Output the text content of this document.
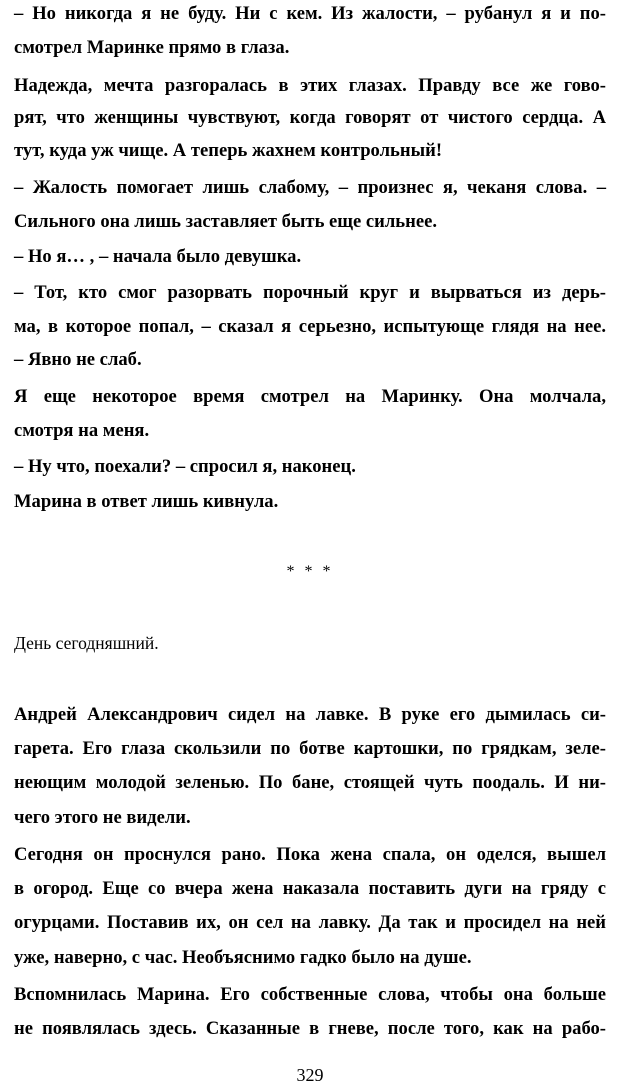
– Но никогда я не буду. Ни с кем. Из жалости, – рубанул я и по-
смотрел Маринке прямо в глаза.
Надежда, мечта разгоралась в этих глазах. Правду все же гово-
рят, что женщины чувствуют, когда говорят от чистого сердца. А
тут, куда уж чище. А теперь жахнем контрольный!
– Жалость помогает лишь слабому, – произнес я, чеканя слова. –
Сильного она лишь заставляет быть еще сильнее.
– Но я… , – начала было девушка.
– Тот, кто смог разорвать порочный круг и вырваться из дерь-
ма, в которое попал, – сказал я серьезно, испытующе глядя на нее.
– Явно не слаб.
Я еще некоторое время смотрел на Маринку. Она молчала,
смотря на меня.
– Ну что, поехали? – спросил я, наконец.
Марина в ответ лишь кивнула.
* * *
День сегодняшний.
Андрей Александрович сидел на лавке. В руке его дымилась си-
гарета. Его глаза скользили по ботве картошки, по грядкам, зеле-
неющим молодой зеленью. По бане, стоящей чуть поодаль. И ни-
чего этого не видели.
Сегодня он проснулся рано. Пока жена спала, он оделся, вышел
в огород. Еще со вчера жена наказала поставить дуги на гряду с
огурцами. Поставив их, он сел на лавку. Да так и просидел на ней
уже, наверно, с час. Необъяснимо гадко было на душе.
Вспомнилась Марина. Его собственные слова, чтобы она больше
не появлялась здесь. Сказанные в гневе, после того, как на рабо-
329
